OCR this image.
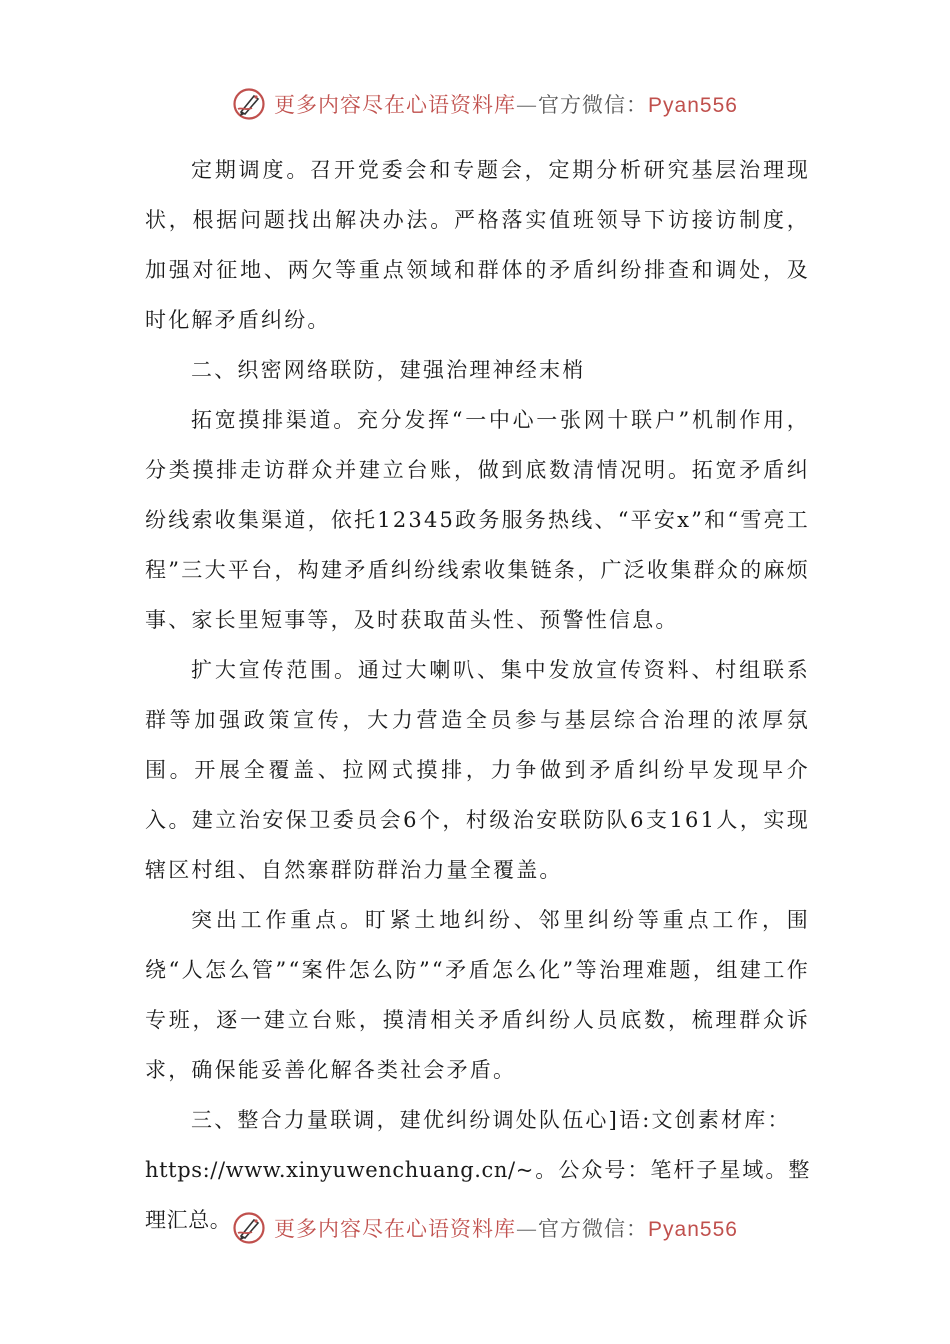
更多内容尽在心语资料库—官方微信：Pyan556

定期调度。召开党委会和专题会，定期分析研究基层治理现状，根据问题找出解决办法。严格落实值班领导下访接访制度，加强对征地、两欠等重点领域和群体的矛盾纠纷排查和调处，及时化解矛盾纠纷。

二、织密网络联防，建强治理神经末梢

拓宽摸排渠道。充分发挥“一中心一张网十联户”机制作用，分类摸排走访群众并建立台账，做到底数清情况明。拓宽矛盾纠纷线索收集渠道，依托12345政务服务热线、“平安x”和“雪亮工程”三大平台，构建矛盾纠纷线索收集链条，广泛收集群众的麻烦事、家长里短事等，及时获取苗头性、预警性信息。

扩大宣传范围。通过大喇叭、集中发放宣传资料、村组联系群等加强政策宣传，大力营造全员参与基层综合治理的浓厚氛围。开展全覆盖、拉网式摸排，力争做到矛盾纠纷早发现早介入。建立治安保卫委员会6个，村级治安联防队6支161人，实现辖区村组、自然寨群防群治力量全覆盖。

突出工作重点。盯紧土地纠纷、邻里纠纷等重点工作，围绕“人怎么管”“案件怎么防”“矛盾怎么化”等治理难题，组建工作专班，逐一建立台账，摸清相关矛盾纠纷人员底数，梳理群众诉求，确保能妥善化解各类社会矛盾。

三、整合力量联调，建优纠纷调处队伍心]语:文创素材库：

https://www.xinyuwenchuang.cn/~。公众号：笔杆子星域。整理汇总。	更多内容尽在心语资料库—官方微信：Pyan556
